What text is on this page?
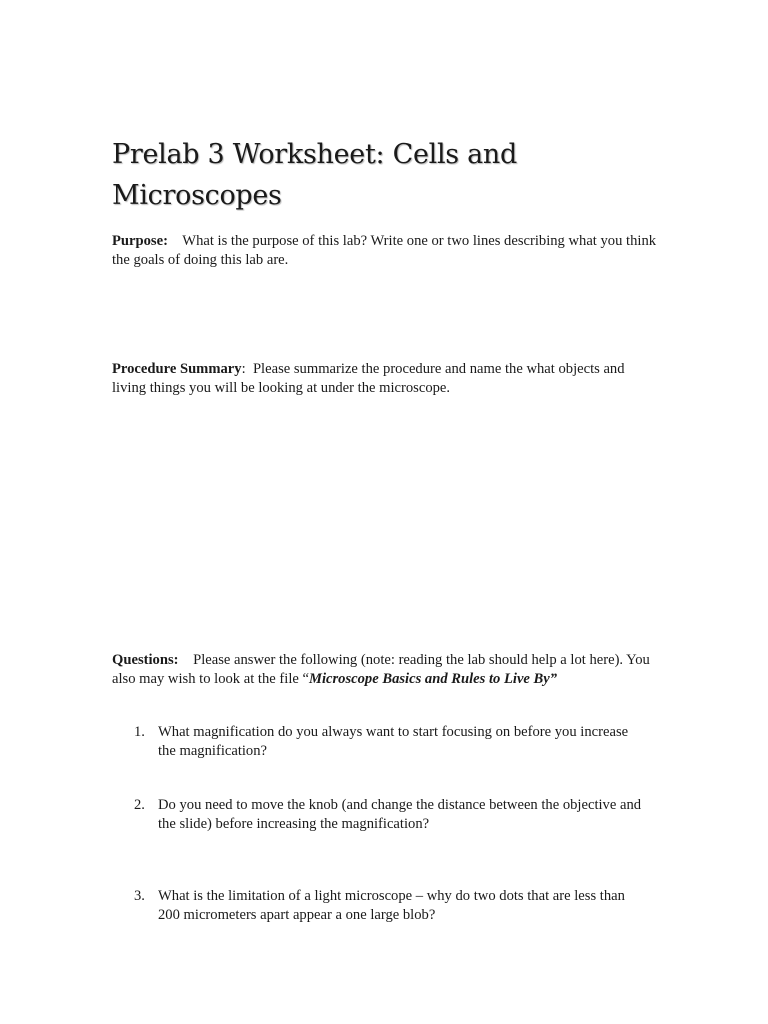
Prelab 3 Worksheet: Cells and Microscopes

Purpose: What is the purpose of this lab? Write one or two lines describing what you think the goals of doing this lab are.

Procedure Summary: Please summarize the procedure and name the what objects and living things you will be looking at under the microscope.

Questions: Please answer the following (note: reading the lab should help a lot here). You also may wish to look at the file “Microscope Basics and Rules to Live By”

1. What magnification do you always want to start focusing on before you increase the magnification?
2. Do you need to move the knob (and change the distance between the objective and the slide) before increasing the magnification?
3. What is the limitation of a light microscope – why do two dots that are less than 200 micrometers apart appear a one large blob?
